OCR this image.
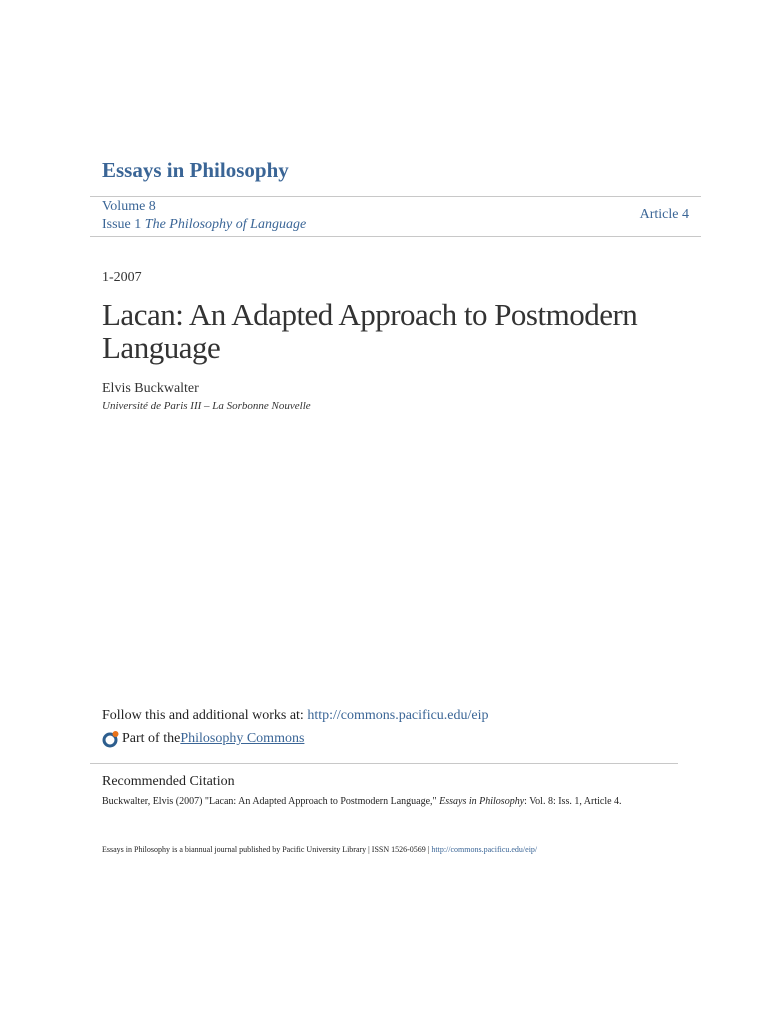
Essays in Philosophy
Volume 8
Issue 1 The Philosophy of Language
Article 4
1-2007
Lacan: An Adapted Approach to Postmodern Language
Elvis Buckwalter
Université de Paris III – La Sorbonne Nouvelle
Follow this and additional works at: http://commons.pacificu.edu/eip
Part of the Philosophy Commons
Recommended Citation
Buckwalter, Elvis (2007) "Lacan: An Adapted Approach to Postmodern Language," Essays in Philosophy: Vol. 8: Iss. 1, Article 4.
Essays in Philosophy is a biannual journal published by Pacific University Library | ISSN 1526-0569 | http://commons.pacificu.edu/eip/
